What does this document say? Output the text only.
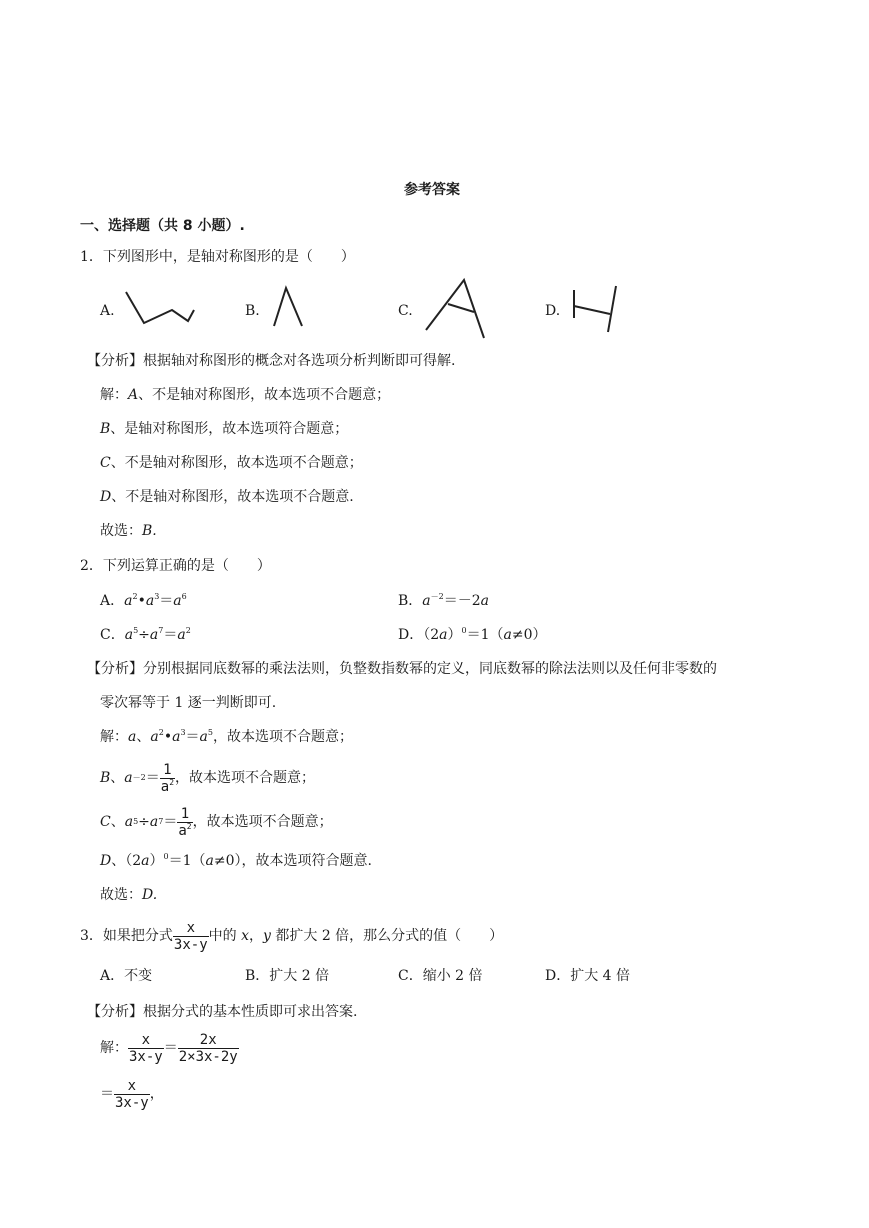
参考答案
一、选择题（共 8 小题）.
1．下列图形中，是轴对称图形的是（　　）
A.	B.	C.	D.
【分析】根据轴对称图形的概念对各选项分析判断即可得解.
解：A、不是轴对称图形，故本选项不合题意；
B、是轴对称图形，故本选项符合题意；
C、不是轴对称图形，故本选项不合题意；
D、不是轴对称图形，故本选项不合题意.
故选：B.
2．下列运算正确的是（　　）
A．$a^2•a^3=a^6$	B．$a^{-2}=-2a$
C．$a^5\div a^7=a^2$	D．$(2a)^0=1(a\ne 0)$
【分析】分别根据同底数幂的乘法法则，负整数指数幂的定义，同底数幂的除法法则以及任何非零数的
零次幂等于 1 逐一判断即可.
解：a、$a^2•a^3=a^5$，故本选项不合题意；
B 、 $a -2 = \frac{1}{a^2}$ ，故本选项不合题意；
C 、 a 5 ÷ a $7 = \frac{1}{a^2}$ ，故本选项不合题意；
D、$(2a)^0=1(a\ne 0)$，故本选项符合题意.
故选：D.
3．如果把分式 $\frac{x}{3x-y}$ 中的
x ， y
都扩大 2 倍，那么分式的值（　　）
A．不变	B．扩大 2 倍	C．缩小 2 倍	D．扩大 4 倍
【分析】根据分式的基本性质即可求出答案.
解： $\frac{x}{3x-y} = \frac{2x}{2\times 3x-2y}$
＝ $\frac{x}{3x-y}$ ，
